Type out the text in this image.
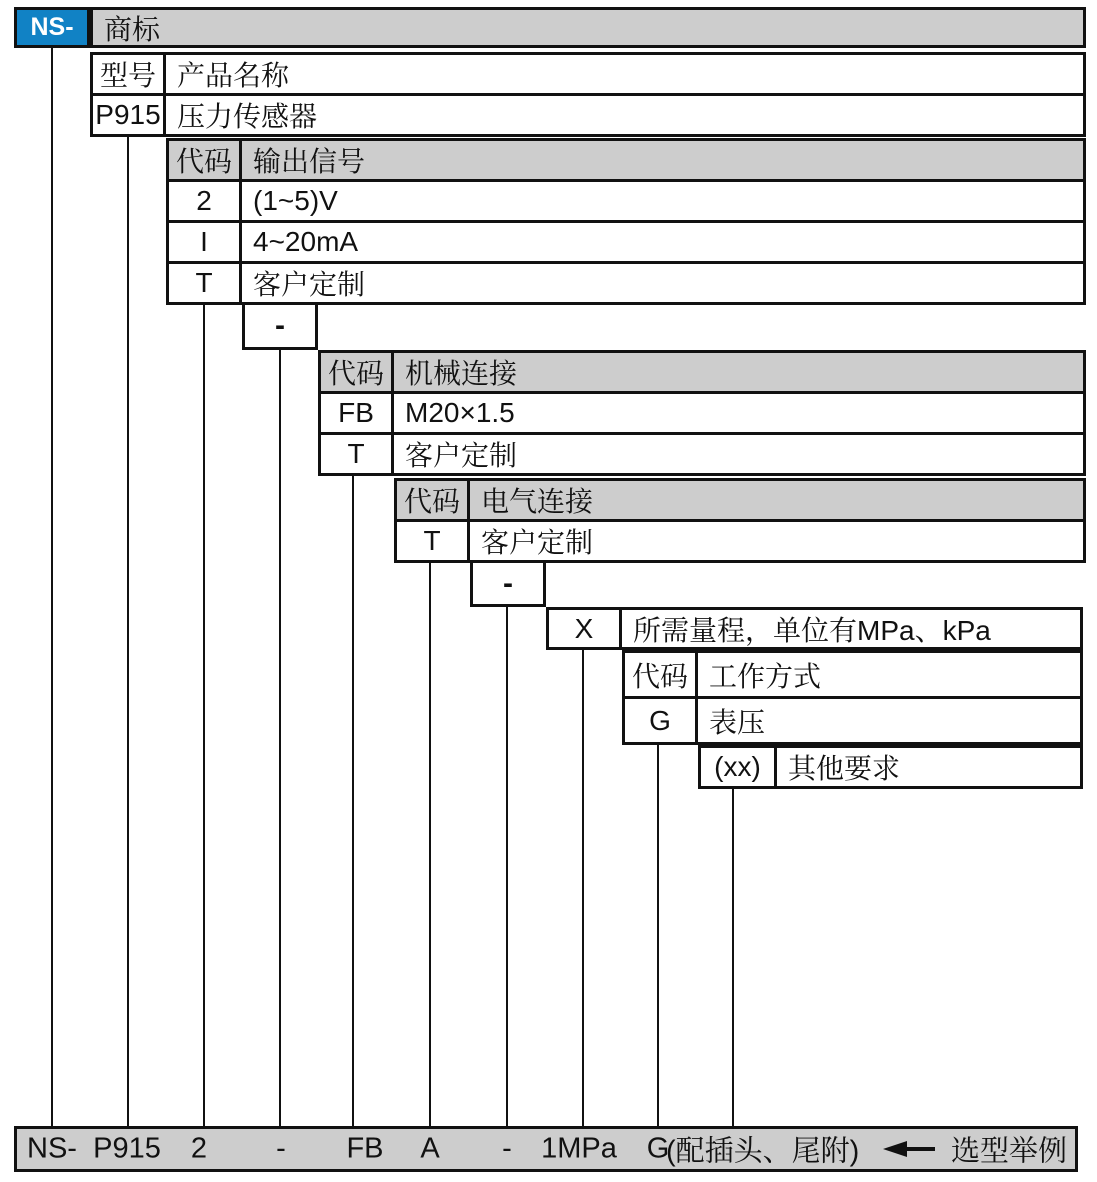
NS- 商标
型号 产品名称
P915 压力传感器
代码 输出信号
2	(1~5)V
I	4~20mA
T	客户定制
-
代码 机械连接
FB	M20×1.5
T	客户定制
代码 电气连接
T	客户定制
-
X	所需量程，单位有MPa、kPa
代码 工作方式
G	表压
(xx) 其他要求
NS- P915 2 - FB A - 1MPa G
(配插头、尾附)	选型举例
